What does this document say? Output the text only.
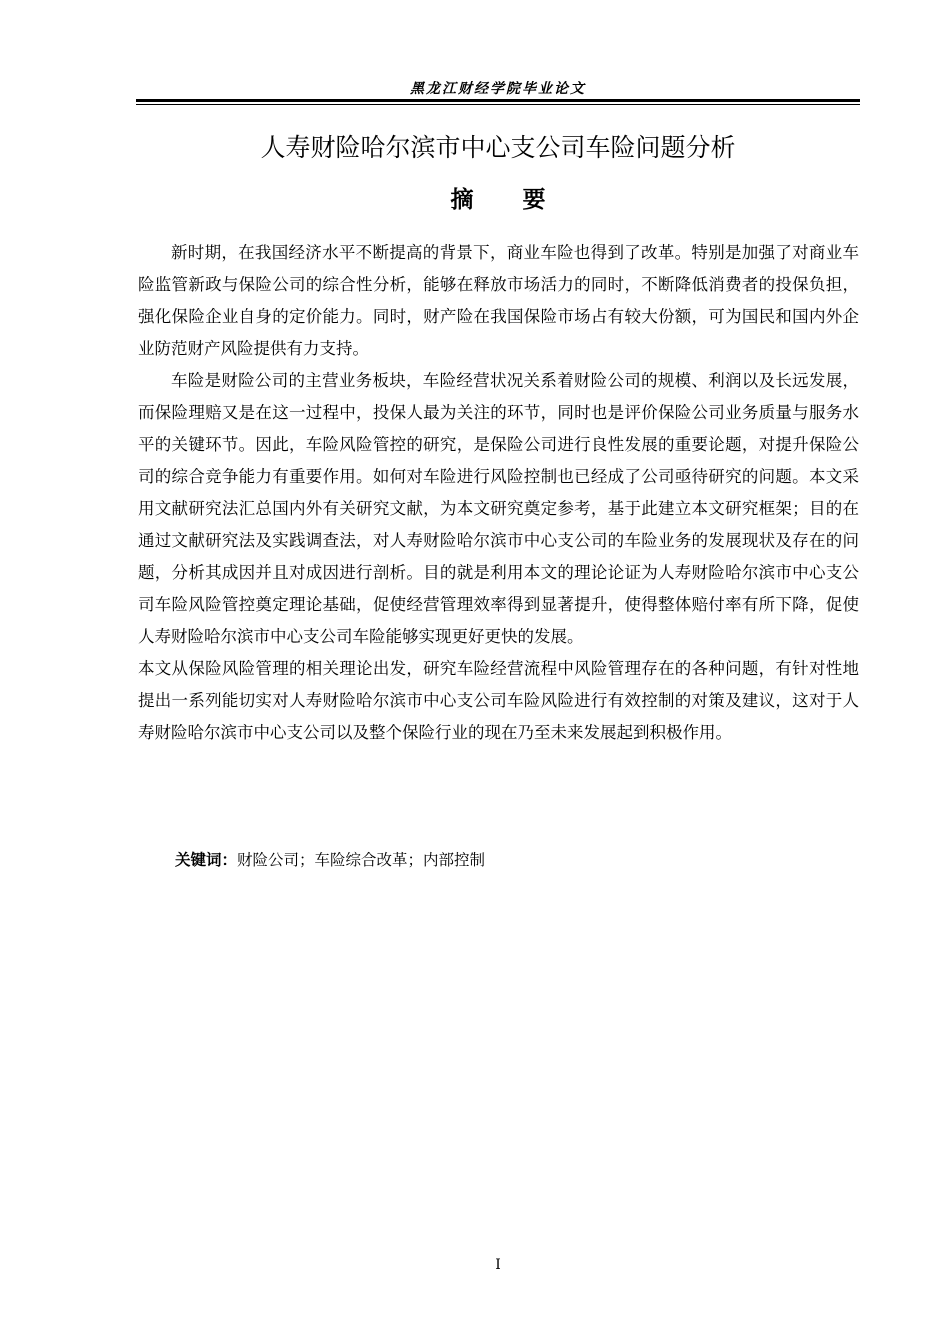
黑龙江财经学院毕业论文
人寿财险哈尔滨市中心支公司车险问题分析
摘 要

新时期，在我国经济水平不断提高的背景下，商业车险也得到了改革。特别是加强了对商业车险监管新政与保险公司的综合性分析，能够在释放市场活力的同时，不断降低消费者的投保负担，强化保险企业自身的定价能力。同时，财产险在我国保险市场占有较大份额，可为国民和国内外企业防范财产风险提供有力支持。

车险是财险公司的主营业务板块，车险经营状况关系着财险公司的规模、利润以及长远发展，而保险理赔又是在这一过程中，投保人最为关注的环节，同时也是评价保险公司业务质量与服务水平的关键环节。因此，车险风险管控的研究，是保险公司进行良性发展的重要论题，对提升保险公司的综合竞争能力有重要作用。如何对车险进行风险控制也已经成了公司亟待研究的问题。本文采用文献研究法汇总国内外有关研究文献，为本文研究奠定参考，基于此建立本文研究框架；目的在通过文献研究法及实践调查法，对人寿财险哈尔滨市中心支公司的车险业务的发展现状及存在的问题，分析其成因并且对成因进行剖析。目的就是利用本文的理论论证为人寿财险哈尔滨市中心支公司车险风险管控奠定理论基础，促使经营管理效率得到显著提升，使得整体赔付率有所下降，促使人寿财险哈尔滨市中心支公司车险能够实现更好更快的发展。

本文从保险风险管理的相关理论出发，研究车险经营流程中风险管理存在的各种问题，有针对性地提出一系列能切实对人寿财险哈尔滨市中心支公司车险风险进行有效控制的对策及建议，这对于人寿财险哈尔滨市中心支公司以及整个保险行业的现在乃至未来发展起到积极作用。

关键词：财险公司；车险综合改革；内部控制
I
